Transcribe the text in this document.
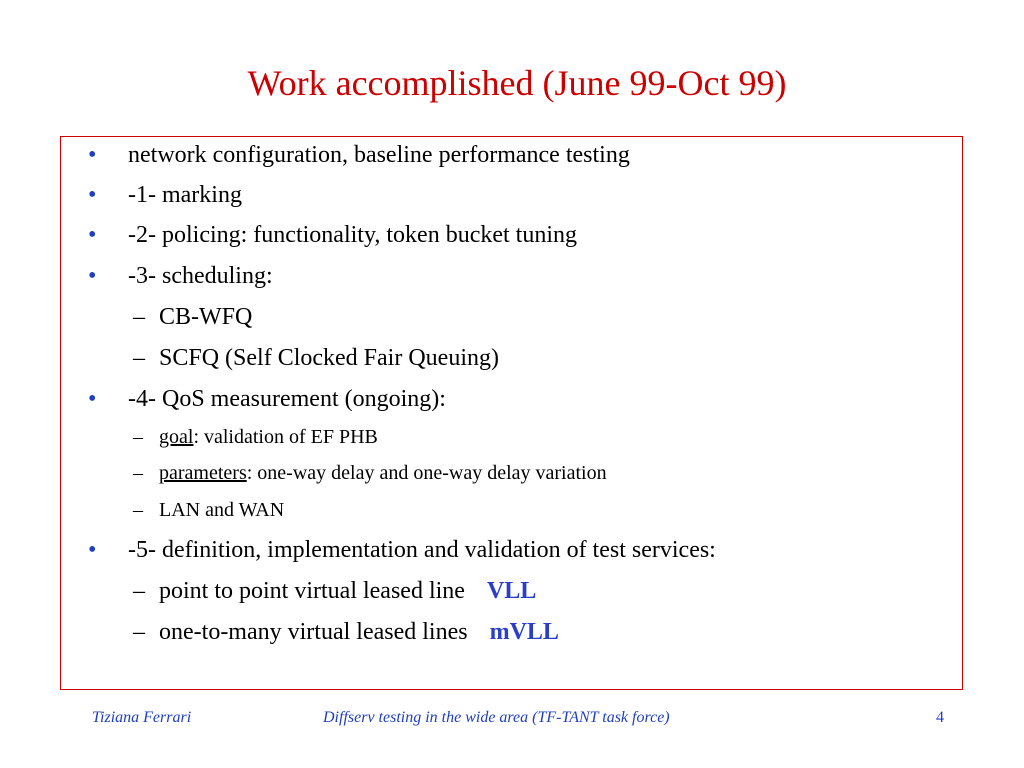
Work accomplished (June 99-Oct 99)
• network configuration, baseline performance testing
• -1- marking
• -2- policing: functionality, token bucket tuning
• -3- scheduling:
– CB-WFQ
– SCFQ (Self Clocked Fair Queuing)
• -4- QoS measurement (ongoing):
– goal: validation of EF PHB
– parameters: one-way delay and one-way delay variation
– LAN and WAN
• -5- definition, implementation and validation of test services:
– point to point virtual leased line VLL
– one-to-many virtual leased lines mVLL
Tiziana Ferrari	Diffserv testing in the wide area (TF-TANT task force)	4
